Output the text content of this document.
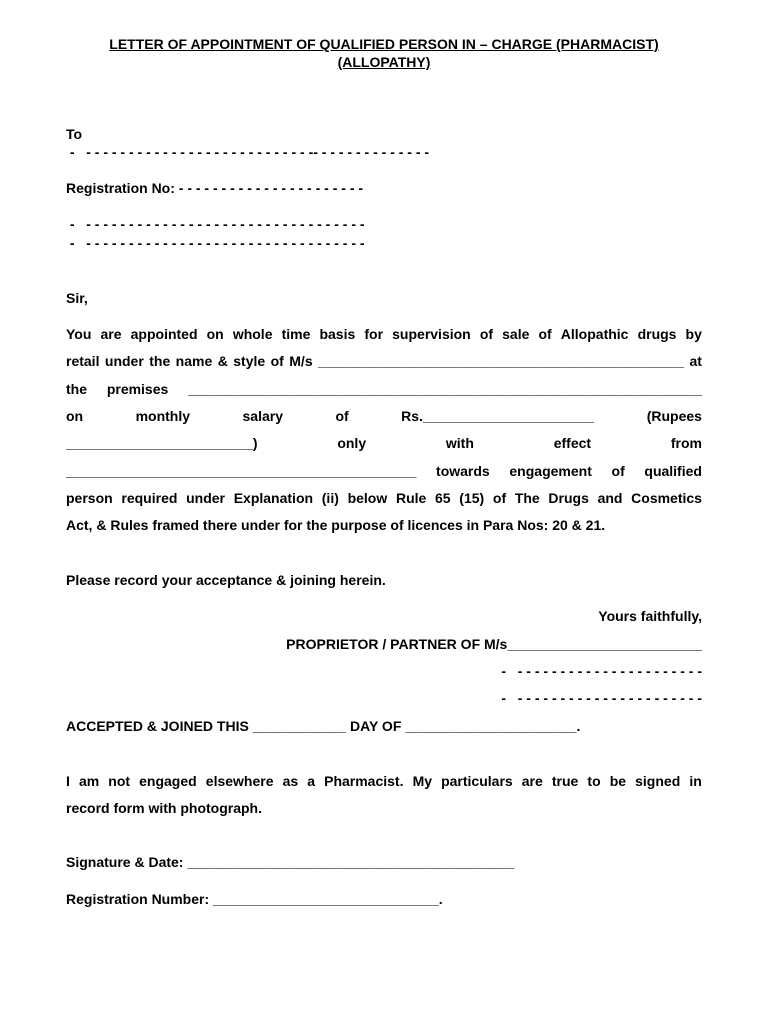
LETTER OF APPOINTMENT OF QUALIFIED PERSON IN – CHARGE (PHARMACIST)
(ALLOPATHY)
To
-   - - - - - - - - - - - - - - - - - - - - - - - - - - -- - - - - - - - - - - - - -
Registration No: - - - - - - - - - - - - - - - - - - - - - -
-   - - - - - - - - - - - - - - - - - - - - - - - - - - - - - - - - -
-   - - - - - - - - - - - - - - - - - - - - - - - - - - - - - - - - -
Sir,
You are appointed on whole time basis for supervision of sale of Allopathic drugs by
retail under the name & style of M/s _______________________________________________ at
the premises __________________________________________________________________
on	monthly	salary	of	Rs.______________________	(Rupees
________________________)	only	with	effect	from
_____________________________________________ towards engagement of qualified
person required under Explanation (ii) below Rule 65 (15) of The Drugs and Cosmetics
Act, & Rules framed there under for the purpose of licences in Para Nos: 20 & 21.
Please record your acceptance & joining herein.
Yours faithfully,
PROPRIETOR / PARTNER OF M/s_________________________
-   - - - - - - - - - - - - - - - - - - - - - -
-   - - - - - - - - - - - - - - - - - - - - - -
ACCEPTED & JOINED THIS ____________ DAY OF ______________________.
I am not engaged elsewhere as a Pharmacist. My particulars are true to be signed in
record form with photograph.
Signature & Date: __________________________________________
Registration Number: _____________________________.
